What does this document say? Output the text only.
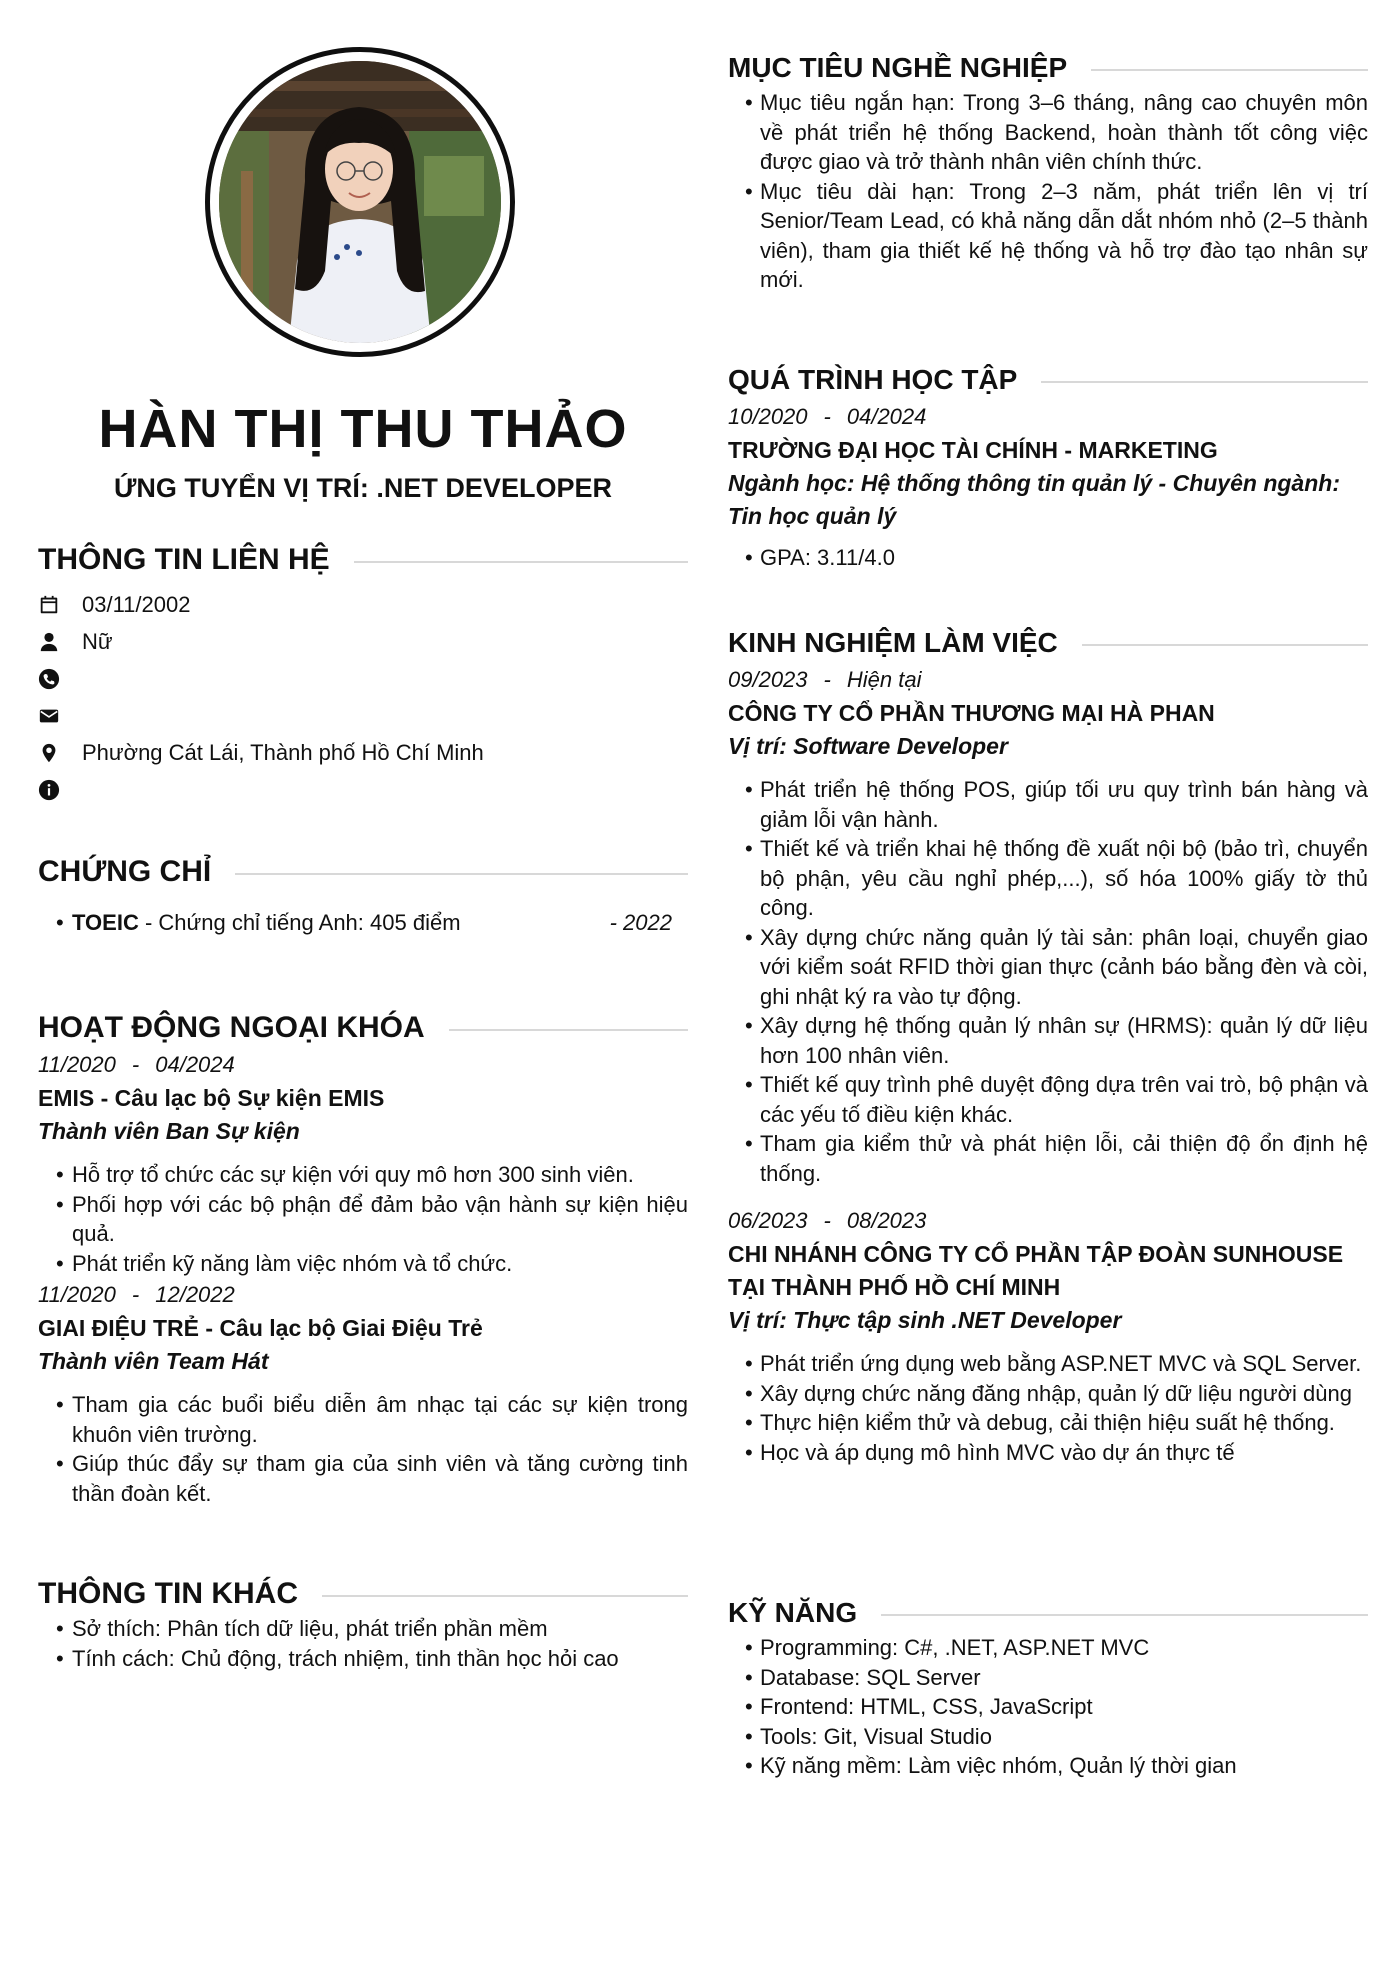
HÀN THỊ THU THẢO
ỨNG TUYỂN VỊ TRÍ: .NET DEVELOPER
THÔNG TIN LIÊN HỆ
03/11/2002
Nữ
Phường Cát Lái, Thành phố Hồ Chí Minh
CHỨNG CHỈ
• TOEIC - Chứng chỉ tiếng Anh: 405 điểm	- 2022
HOẠT ĐỘNG NGOẠI KHÓA
11/2020 - 04/2024
EMIS - Câu lạc bộ Sự kiện EMIS
Thành viên Ban Sự kiện
• Hỗ trợ tổ chức các sự kiện với quy mô hơn 300 sinh viên.
• Phối hợp với các bộ phận để đảm bảo vận hành sự kiện hiệu quả.
• Phát triển kỹ năng làm việc nhóm và tổ chức.
11/2020 - 12/2022
GIAI ĐIỆU TRẺ - Câu lạc bộ Giai Điệu Trẻ
Thành viên Team Hát
• Tham gia các buổi biểu diễn âm nhạc tại các sự kiện trong khuôn viên trường.
• Giúp thúc đẩy sự tham gia của sinh viên và tăng cường tinh thần đoàn kết.
THÔNG TIN KHÁC
• Sở thích: Phân tích dữ liệu, phát triển phần mềm
• Tính cách: Chủ động, trách nhiệm, tinh thần học hỏi cao
MỤC TIÊU NGHỀ NGHIỆP
• Mục tiêu ngắn hạn: Trong 3–6 tháng, nâng cao chuyên môn về phát triển hệ thống Backend, hoàn thành tốt công việc được giao và trở thành nhân viên chính thức.
• Mục tiêu dài hạn: Trong 2–3 năm, phát triển lên vị trí Senior/Team Lead, có khả năng dẫn dắt nhóm nhỏ (2–5 thành viên), tham gia thiết kế hệ thống và hỗ trợ đào tạo nhân sự mới.
QUÁ TRÌNH HỌC TẬP
10/2020 - 04/2024
TRƯỜNG ĐẠI HỌC TÀI CHÍNH - MARKETING
Ngành học: Hệ thống thông tin quản lý - Chuyên ngành: Tin học quản lý
• GPA: 3.11/4.0
KINH NGHIỆM LÀM VIỆC
09/2023 - Hiện tại
CÔNG TY CỔ PHẦN THƯƠNG MẠI HÀ PHAN
Vị trí: Software Developer
• Phát triển hệ thống POS, giúp tối ưu quy trình bán hàng và giảm lỗi vận hành.
• Thiết kế và triển khai hệ thống đề xuất nội bộ (bảo trì, chuyển bộ phận, yêu cầu nghỉ phép,...), số hóa 100% giấy tờ thủ công.
• Xây dựng chức năng quản lý tài sản: phân loại, chuyển giao với kiểm soát RFID thời gian thực (cảnh báo bằng đèn và còi, ghi nhật ký ra vào tự động.
• Xây dựng hệ thống quản lý nhân sự (HRMS): quản lý dữ liệu hơn 100 nhân viên.
• Thiết kế quy trình phê duyệt động dựa trên vai trò, bộ phận và các yếu tố điều kiện khác.
• Tham gia kiểm thử và phát hiện lỗi, cải thiện độ ổn định hệ thống.
06/2023 - 08/2023
CHI NHÁNH CÔNG TY CỔ PHẦN TẬP ĐOÀN SUNHOUSE TẠI THÀNH PHỐ HỒ CHÍ MINH
Vị trí: Thực tập sinh .NET Developer
• Phát triển ứng dụng web bằng ASP.NET MVC và SQL Server.
• Xây dựng chức năng đăng nhập, quản lý dữ liệu người dùng
• Thực hiện kiểm thử và debug, cải thiện hiệu suất hệ thống.
• Học và áp dụng mô hình MVC vào dự án thực tế
KỸ NĂNG
• Programming: C#, .NET, ASP.NET MVC
• Database: SQL Server
• Frontend: HTML, CSS, JavaScript
• Tools: Git, Visual Studio
• Kỹ năng mềm: Làm việc nhóm, Quản lý thời gian
